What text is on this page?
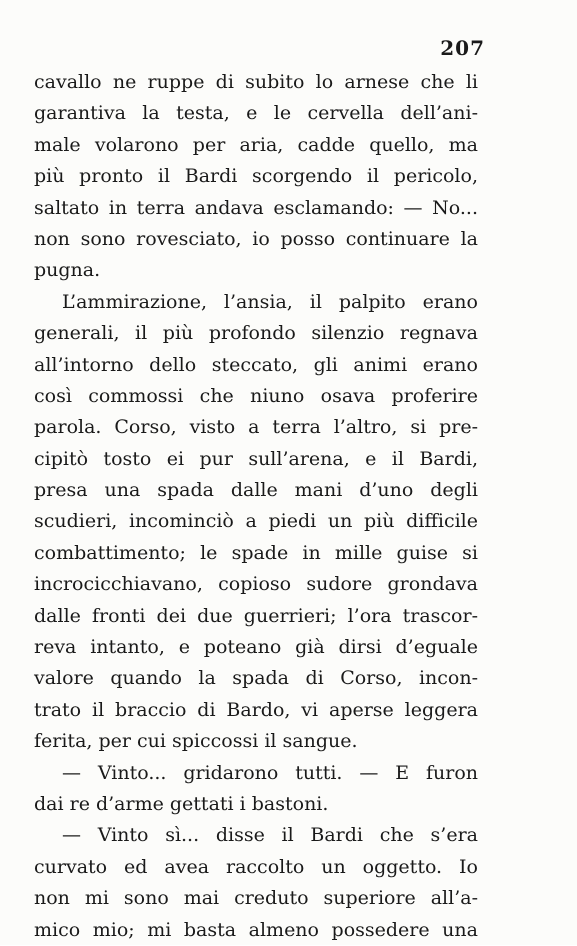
207
cavallo ne ruppe di subito lo arnese che li
garantiva la testa, e le cervella dell’ani-
male volarono per aria, cadde quello, ma
più pronto il Bardi scorgendo il pericolo,
saltato in terra andava esclamando: — No...
non sono rovesciato, io posso continuare la
pugna.
L’ammirazione, l’ansia, il palpito erano
generali, il più profondo silenzio regnava
all’intorno dello steccato, gli animi erano
così commossi che niuno osava proferire
parola. Corso, visto a terra l’altro, si pre-
cipitò tosto ei pur sull’arena, e il Bardi,
presa una spada dalle mani d’uno degli
scudieri, incominciò a piedi un più difficile
combattimento; le spade in mille guise si
incrocicchiavano, copioso sudore grondava
dalle fronti dei due guerrieri; l’ora trascor-
reva intanto, e poteano già dirsi d’eguale
valore quando la spada di Corso, incon-
trato il braccio di Bardo, vi aperse leggera
ferita, per cui spiccossi il sangue.
— Vinto... gridarono tutti. — E furon
dai re d’arme gettati i bastoni.
— Vinto sì... disse il Bardi che s’era
curvato ed avea raccolto un oggetto. Io
non mi sono mai creduto superiore all’a-
mico mio; mi basta almeno possedere una
